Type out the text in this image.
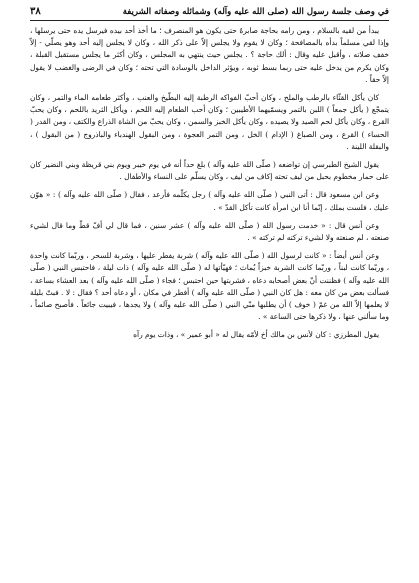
في وصف جلسة رسول الله (صلى الله عليه وآله) وشمائله وصفاته الشريفة
٣٨

يبدأ من لقيه بالسلام ، ومن رامه بحاجة صابرهُ حتى يكون هو المنصرف ؛ ما أخذ أحد بيده فيرسل يده حتى يرسلها ، وإذا لقي مسلماً بدأه بالمصافحة ؛ وكان لا يقوم ولا يجلس إلاّ على ذكر الله ، وكان لا يجلس إليه أحد وهو يصلّي - إلاّ خفف صلاته ، وأقبل عليه وقال : ألك حاجة ؟ . يجلس حيث ينتهي به المجلس ، وكان أكثر ما يجلس مستقبل القبلة ، وكان يكرم من يدخل عليه حتى ربما بسط ثوبه ، ويؤثر الداخل بالوسادة التي تحته ؛ وكان في الرضى والغضب لا يقول إلاّ حقاً .

كان يأكل القثّاء بالرطب والملح ، وكان أحبّ الفواكه الرطبة إليه البطّيخ والعنب ، وأكثر طعامه الماء والتمر ، وكان يتمجّع ( يأكل جمعاً ) اللبن بالتمر ويسمّيهما الأطيبين ؛ وكان أحب الطعام إليه اللحم ، ويأكل الثريد باللحم ، وكان يحبّ القرع ، وكان يأكل لحم الصيد ولا يصيده ، وكان يأكل الخبز والسمن ، وكان يحبّ من الشاة الذراع والكتف ، ومن القدر ( الحساء ) القرع ، ومن الصباغ ( الإدام ) الخل ، ومن التمر العجوة ، ومن البقول الهندباء والباذروج ( من البقول ) ، والبقلة اللينة .

يقول الشيخ الطبرسي إن تواضعه ( صلّى الله عليه وآله ) بلغ حداً أنه في يوم خيبر ويوم بني قريظة وبني النضير كان على حمار مخطوم بحبل من ليف تحته إكاف من ليف ، وكان يسلّم على النساء والأطفال .

وعن ابن مسعود قال : أتى النبي ( صلّى الله عليه وآله ) رجل يكلّمه فأرعد ، فقال ( صلّى الله عليه وآله ) : « هوّن عليك ، فلست بملك ، إنّما أنا ابن امرأة كانت تأكل القدّ » .

وعن أنس قال : « خدمت رسول الله ( صلّى الله عليه وآله ) عشر سنين ، فما قال لي أفّ قطّ وما قال لشيء صنعته ، لم صنعته ولا لشيء تركته لم تركته » .

وعن أنس أيضاً : « كانت لرسول الله ( صلّى الله عليه وآله ) شربة يفطر عليها ، وشربة للسحر ، وربّما كانت واحدة ، وربّما كانت لبناً ، وربّما كانت الشربة خبزاً يُماث ؛ فهيّأتها له ( صلّى الله عليه وآله ) ذات ليلة ، فاحتبس النبي ( صلّى الله عليه وآله ) فظننت أنّ بعض أصحابه دعاه ، فشربتها حين احتبس ؛ فجاء ( صلّى الله عليه وآله ) بعد العشاء بساعة ، فسألت بعض من كان معه : هل كان النبي ( صلّى الله عليه وآله ) أفطر في مكان ، أو دعاه أحد ؟ فقال : لا . فبتّ بليلة لا يعلمها إلاّ الله من غمّ ( خوف ) أن يطلبها منّي النبي ( صلّى الله عليه وآله ) ولا يجدها ، فيبيت جائعاً . فأصبح صائماً ، وما سألني عنها ، ولا ذكرها حتى الساعة » .

يقول المطرزي : كان لأنس بن مالك أخ لأمّه يقال له « أبو عمير » ، وذات يوم رآه
